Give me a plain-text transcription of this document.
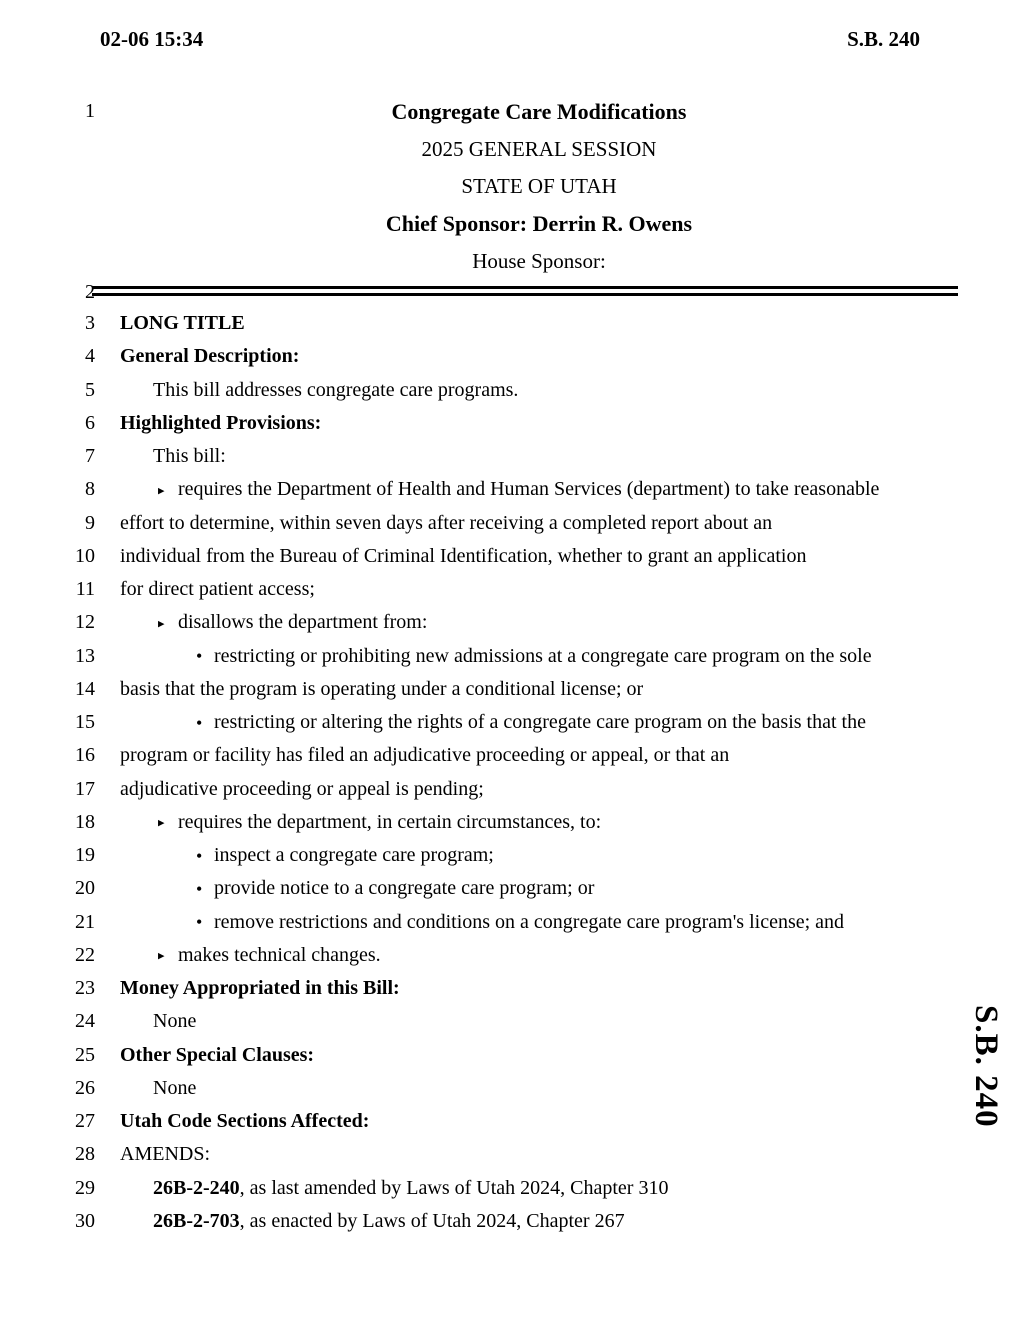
02-06 15:34	S.B. 240
1	Congregate Care Modifications
2025 GENERAL SESSION
STATE OF UTAH
Chief Sponsor: Derrin R. Owens
House Sponsor:
2
3 LONG TITLE
4 General Description:
5	This bill addresses congregate care programs.
6 Highlighted Provisions:
7	This bill:
8	▸ requires the Department of Health and Human Services (department) to take reasonable
9 effort to determine, within seven days after receiving a completed report about an
10 individual from the Bureau of Criminal Identification, whether to grant an application
11 for direct patient access;
12	▸ disallows the department from:
13	• restricting or prohibiting new admissions at a congregate care program on the sole
14 basis that the program is operating under a conditional license; or
15	• restricting or altering the rights of a congregate care program on the basis that the
16 program or facility has filed an adjudicative proceeding or appeal, or that an
17 adjudicative proceeding or appeal is pending;
18	▸ requires the department, in certain circumstances, to:
19	• inspect a congregate care program;
20	• provide notice to a congregate care program; or
21	• remove restrictions and conditions on a congregate care program's license; and
22	▸ makes technical changes.
23 Money Appropriated in this Bill:
24	None
25 Other Special Clauses:
26	None
27 Utah Code Sections Affected:
28 AMENDS:
29	26B-2-240, as last amended by Laws of Utah 2024, Chapter 310
30	26B-2-703, as enacted by Laws of Utah 2024, Chapter 267
S.B. 240
